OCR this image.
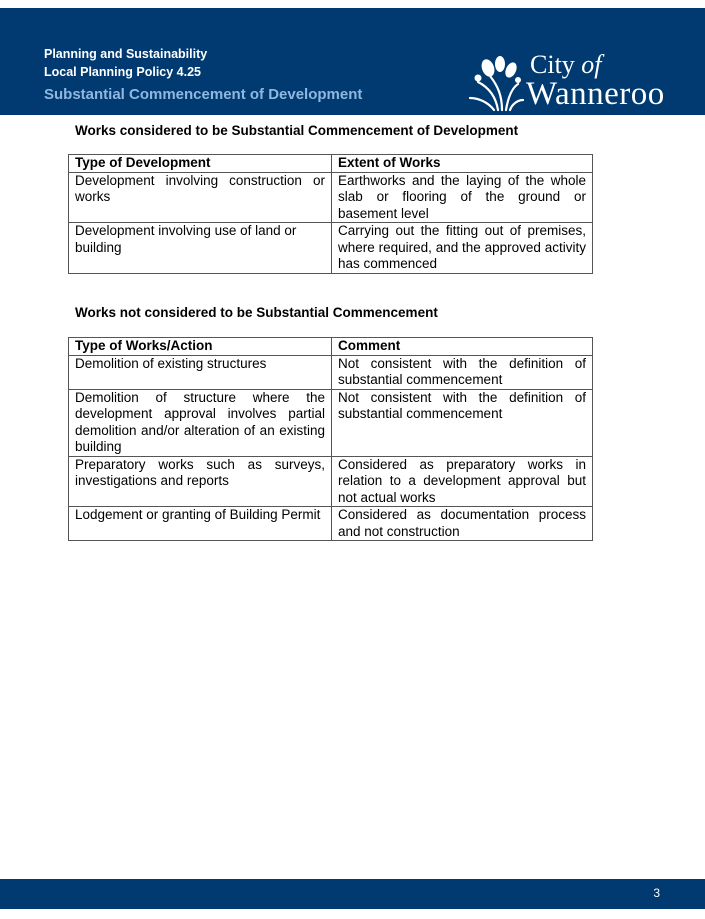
Planning and Sustainability
Local Planning Policy 4.25
Substantial Commencement of Development
City of
Wanneroo
Works considered to be Substantial Commencement of Development
Type of Development	Extent of Works
Development involving construction or works	Earthworks and the laying of the whole slab or flooring of the ground or basement level
Development involving use of land or building	Carrying out the fitting out of premises, where required, and the approved activity has commenced
Works not considered to be Substantial Commencement
Type of Works/Action	Comment
Demolition of existing structures	Not consistent with the definition of substantial commencement
Demolition of structure where the development approval involves partial demolition and/or alteration of an existing building	Not consistent with the definition of substantial commencement
Preparatory works such as surveys, investigations and reports	Considered as preparatory works in relation to a development approval but not actual works
Lodgement or granting of Building Permit	Considered as documentation process and not construction
3
